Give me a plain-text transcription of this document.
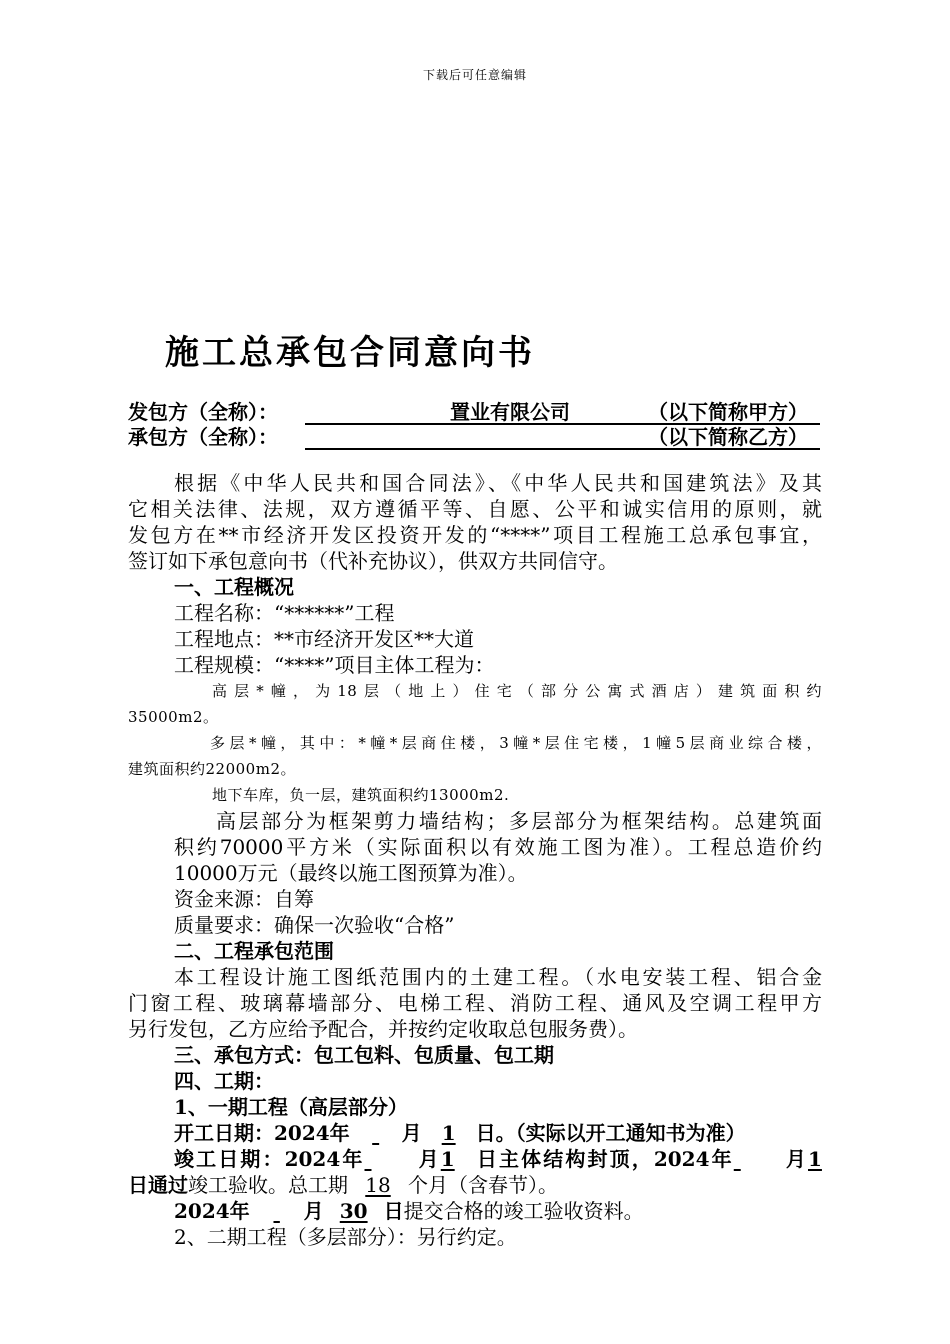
下载后可任意编辑
施工总承包合同意向书
发包方（全称）：	置业有限公司	（以下简称甲方）
承包方（全称）：	（以下简称乙方）
根据《中华人民共和国合同法》、《中华人民共和国建筑法》及其
它相关法律、法规，双方遵循平等、自愿、公平和诚实信用的原则，就
发包方在**市经济开发区投资开发的“****”项目工程施工总承包事宜，
签订如下承包意向书（代补充协议），供双方共同信守。
一、工程概况
工程名称：“******”工程
工程地点：**市经济开发区**大道
工程规模：“****”项目主体工程为：
高层*幢，为18层（地上）住宅（部分公寓式酒店）建筑面积约
35000m2。
多层*幢，其中：*幢*层商住楼，3幢*层住宅楼，1幢5层商业综合楼，
建筑面积约22000m2。
地下车库，负一层，建筑面积约13000m2.
高层部分为框架剪力墙结构；多层部分为框架结构。总建筑面
积约70000平方米（实际面积以有效施工图为准）。工程总造价约
10000万元（最终以施工图预算为准）。
资金来源：自筹
质量要求：确保一次验收“合格”
二、工程承包范围
本工程设计施工图纸范围内的土建工程。（水电安装工程、铝合金
门窗工程、玻璃幕墙部分、电梯工程、消防工程、通风及空调工程甲方
另行发包，乙方应给予配合，并按约定收取总包服务费）。
三、承包方式：包工包料、包质量、包工期
四、工期：
1、一期工程（高层部分）
开工日期：2024年	月 1 日。（实际以开工通知书为准）
竣工日期：2024年	月1 日主体结构封顶，2024年	月1
日通过竣工验收。总工期 18 个月（含春节）。
2024年	月 30 日提交合格的竣工验收资料。
2、二期工程（多层部分）：另行约定。
